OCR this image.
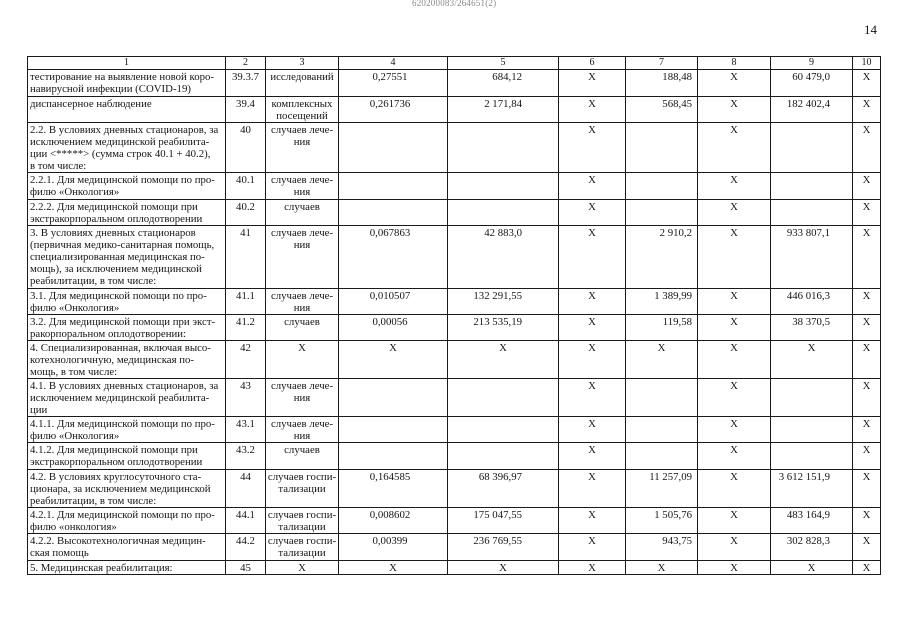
620200083/264651(2)
14
1	2	3	4	5	6	7	8	9	10
тестирование на выявление новой коро-
навирусной инфекции (COVID-19)	39.3.7	исследований	0,27551	684,12	X	188,48	X	60 479,0	X
диспансерное наблюдение	39.4	комплексных
посещений	0,261736	2 171,84	X	568,45	X	182 402,4	X
2.2. В условиях дневных стационаров, за
исключением медицинской реабилита-
ции <*****> (сумма строк 40.1 + 40.2),
в том числе:	40	случаев лече-
ния			X		X		X
2.2.1. Для медицинской помощи по про-
филю «Онкология»	40.1	случаев лече-
ния			X		X		X
2.2.2. Для медицинской помощи при
экстракорпоральном оплодотворении	40.2	случаев			X		X		X
3. В условиях дневных стационаров
(первичная медико-санитарная помощь,
специализированная медицинская по-
мощь), за исключением медицинской
реабилитации, в том числе:	41	случаев лече-
ния	0,067863	42 883,0	X	2 910,2	X	933 807,1	X
3.1. Для медицинской помощи по про-
филю «Онкология»	41.1	случаев лече-
ния	0,010507	132 291,55	X	1 389,99	X	446 016,3	X
3.2. Для медицинской помощи при экст-
ракорпоральном оплодотворении:	41.2	случаев	0,00056	213 535,19	X	119,58	X	38 370,5	X
4. Специализированная, включая высо-
котехнологичную, медицинская по-
мощь, в том числе:	42	X	X	X	X	X	X	X	X
4.1. В условиях дневных стационаров, за
исключением медицинской реабилита-
ции	43	случаев лече-
ния			X		X		X
4.1.1. Для медицинской помощи по про-
филю «Онкология»	43.1	случаев лече-
ния			X		X		X
4.1.2. Для медицинской помощи при
экстракорпоральном оплодотворении	43.2	случаев			X		X		X
4.2. В условиях круглосуточного ста-
ционара, за исключением медицинской
реабилитации, в том числе:	44	случаев госпи-
тализации	0,164585	68 396,97	X	11 257,09	X	3 612 151,9	X
4.2.1. Для медицинской помощи по про-
филю «онкология»	44.1	случаев госпи-
тализации	0,008602	175 047,55	X	1 505,76	X	483 164,9	X
4.2.2. Высокотехнологичная медицин-
ская помощь	44.2	случаев госпи-
тализации	0,00399	236 769,55	X	943,75	X	302 828,3	X
5. Медицинская реабилитация:	45	X	X	X	X	X	X	X	X
